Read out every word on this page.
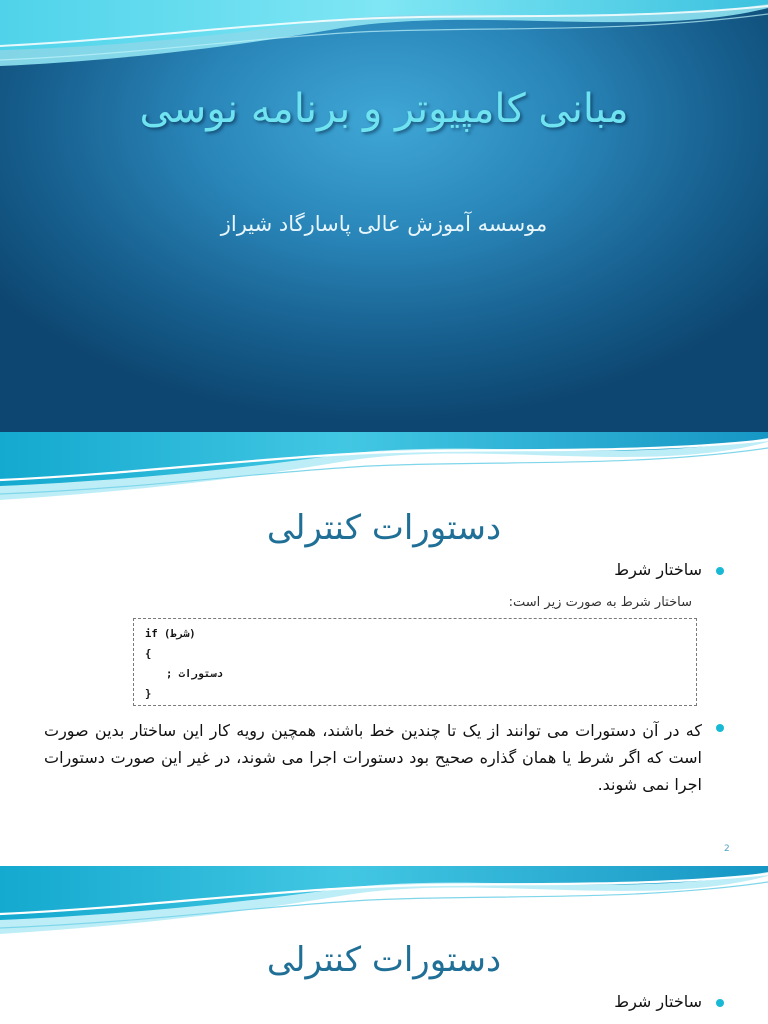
مبانی کامپیوتر و برنامه نوسی
موسسه آموزش عالی پاسارگاد شیراز
دستورات کنترلی
ساختار شرط
ساختار شرط به صورت زیر است:
if (شرط)
{
دستورات ;
}

که در آن دستورات می توانند از یک تا چندین خط باشند، همچین رویه کار این ساختار بدین صورت است که اگر شرط یا همان گذاره صحیح بود دستورات اجرا می شوند، در غیر این صورت دستورات اجرا نمی شوند.

2
دستورات کنترلی
ساختار شرط
